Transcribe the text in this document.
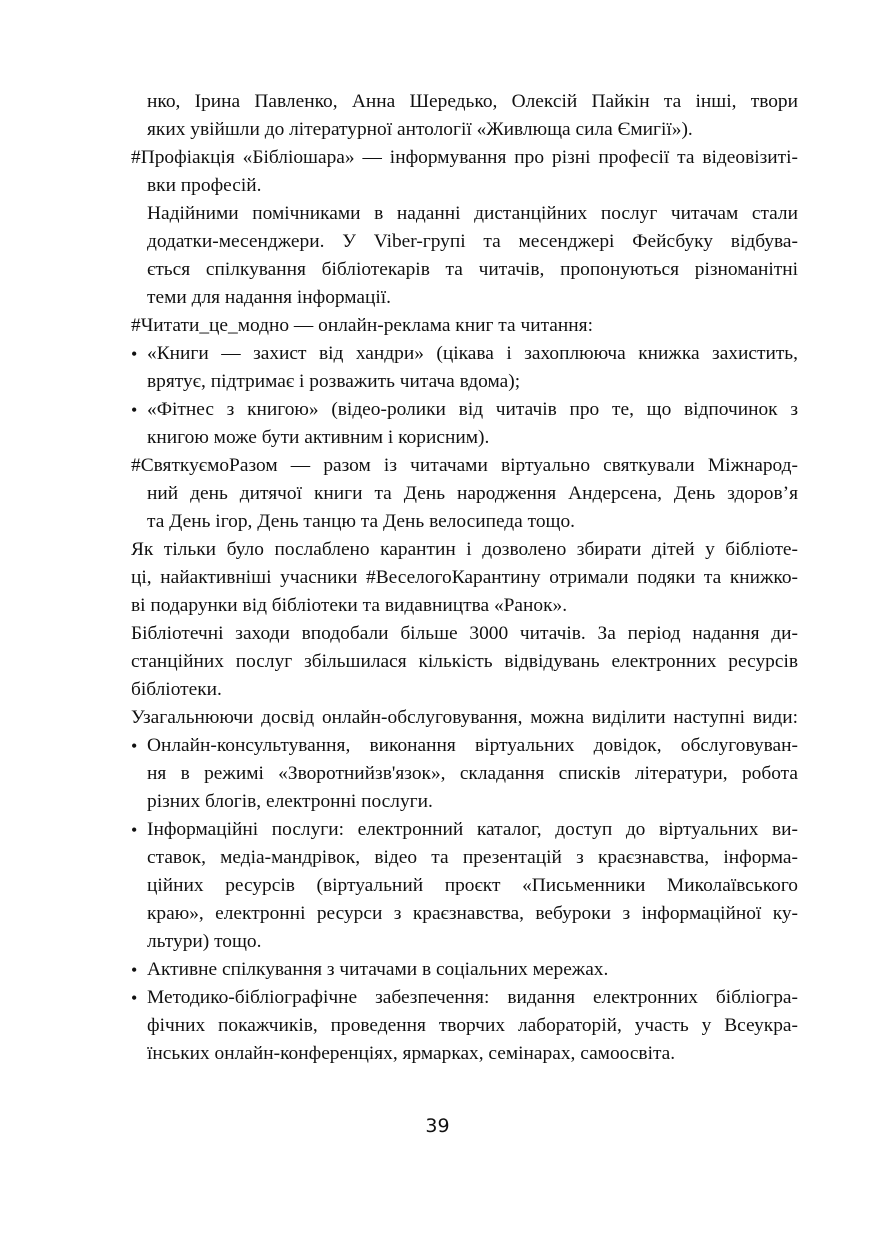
нко, Ірина Павленко, Анна Шередько, Олексій Пайкін та інші, твори
яких увійшли до літературної антології «Живлюща сила Ємигії»).
#Профіакція «Бібліошара» — інформування про різні професії та відеовізиті-
вки професій.
Надійними помічниками в наданні дистанційних послуг читачам стали
додатки-месенджери. У Viber-групі та месенджері Фейсбуку відбува-
ється спілкування бібліотекарів та читачів, пропонуються різноманітні
теми для надання інформації.
#Читати_це_модно — онлайн-реклама книг та читання:
• «Книги — захист від хандри» (цікава і захоплююча книжка захистить,
врятує, підтримає і розважить читача вдома);
• «Фітнес з книгою» (відео-ролики від читачів про те, що відпочинок з
книгою може бути активним і корисним).
#СвяткуємоРазом — разом із читачами віртуально святкували Міжнарод-
ний день дитячої книги та День народження Андерсена, День здоров’я
та День ігор, День танцю та День велосипеда тощо.
Як тільки було послаблено карантин і дозволено збирати дітей у бібліоте-
ці, найактивніші учасники #ВеселогоКарантину отримали подяки та книжко-
ві подарунки від бібліотеки та видавництва «Ранок».
Бібліотечні заходи вподобали більше 3000 читачів. За період надання ди-
станційних послуг збільшилася кількість відвідувань електронних ресурсів
бібліотеки.
Узагальнюючи досвід онлайн-обслуговування, можна виділити наступні види:
• Онлайн-консультування, виконання віртуальних довідок, обслуговуван-
ня в режимі «Зворотнийзв'язок», складання списків літератури, робота
різних блогів, електронні послуги.
• Інформаційні послуги: електронний каталог, доступ до віртуальних ви-
ставок, медіа-мандрівок, відео та презентацій з краєзнавства, інформа-
ційних ресурсів (віртуальний проєкт «Письменники Миколаївського
краю», електронні ресурси з краєзнавства, вебуроки з інформаційної ку-
льтури) тощо.
• Активне спілкування з читачами в соціальних мережах.
• Методико-бібліографічне забезпечення: видання електронних бібліогра-
фічних покажчиків, проведення творчих лабораторій, участь у Всеукра-
їнських онлайн-конференціях, ярмарках, семінарах, самоосвіта.
39
